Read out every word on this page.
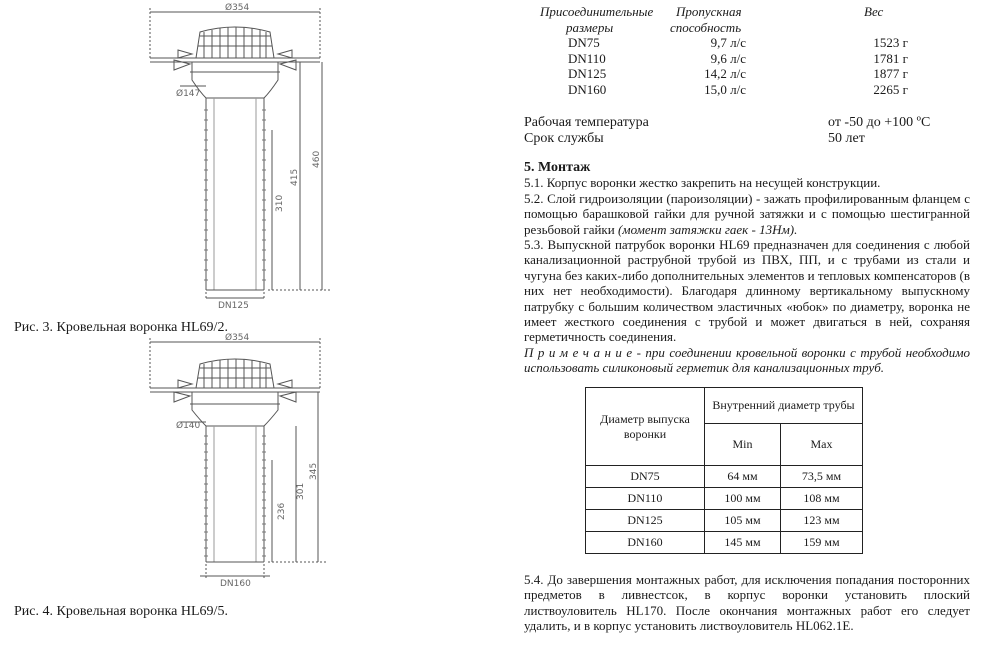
Ø354
Ø147
310
415
460
DN125
Рис. 3. Кровельная воронка HL69/2.
Ø354
Ø140
236
301
345
DN160
Рис. 4. Кровельная воронка HL69/5.
Присоединительные Пропускная	Вес
размеры	способность
DN75	9,7 л/с	1523 г
DN110	9,6 л/с	1781 г
DN125	14,2 л/с	1877 г
DN160	15,0 л/с	2265 г
Рабочая температура	от -50 до +100 ºС
Срок службы	50 лет

5. Монтаж

5.1. Корпус воронки жестко закрепить на несущей конструкции.

5.2. Слой гидроизоляции (пароизоляции) - зажать профилированным фланцем с помощью барашковой гайки для ручной затяжки и с помощью шестигранной резьбовой гайки (момент затяжки гаек - 13Нм).

5.3. Выпускной патрубок воронки HL69 предназначен для соединения с любой канализационной раструбной трубой из ПВХ, ПП, и с трубами из стали и чугуна без каких-либо дополнительных элементов и тепловых компенсаторов (в них нет необходимости). Благодаря длинному вертикальному выпускному патрубку с большим количеством эластичных «юбок» по диаметру, воронка не имеет жесткого соединения с трубой и может двигаться в ней, сохраняя герметичность соединения.

П р и м е ч а н и е - при соединении кровельной воронки с трубой необходимо использовать силиконовый герметик для канализационных труб.

Диаметр выпуска воронки	Внутренний диаметр трубы	
	Min	Max
DN75	64 мм	73,5 мм
DN110	100 мм	108 мм
DN125	105 мм	123 мм
DN160	145 мм	159 мм

5.4. До завершения монтажных работ, для исключения попадания посторонних предметов в ливнестсок, в корпус воронки установить плоский листвоуловитель HL170. После окончания монтажных работ его следует удалить, и в корпус установить листвоуловитель HL062.1Е.
